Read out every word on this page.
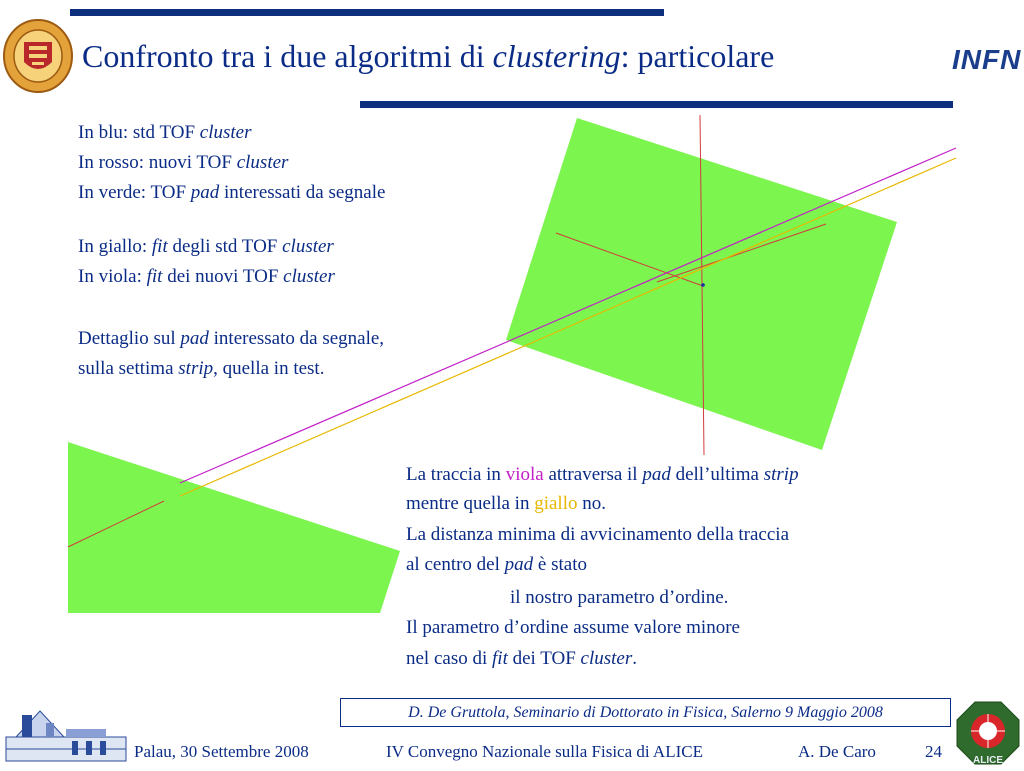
Confronto tra i due algoritmi di clustering: particolare	INFN
In blu: std TOF cluster
In rosso: nuovi TOF cluster
In verde: TOF pad interessati da segnale
In giallo: fit degli std TOF cluster
In viola: fit dei nuovi TOF cluster
Dettaglio sul pad interessato da segnale,
sulla settima strip, quella in test.
La traccia in viola attraversa il pad dell’ultima strip
mentre quella in giallo no.
La distanza minima di avvicinamento della traccia
al centro del pad è stato
il nostro parametro d’ordine.
Il parametro d’ordine assume valore minore
nel caso di fit dei TOF cluster.
D. De Gruttola, Seminario di Dottorato in Fisica, Salerno 9 Maggio 2008
Palau, 30 Settembre 2008	IV Convegno Nazionale sulla Fisica di ALICE	A. De Caro	24	ALICE
